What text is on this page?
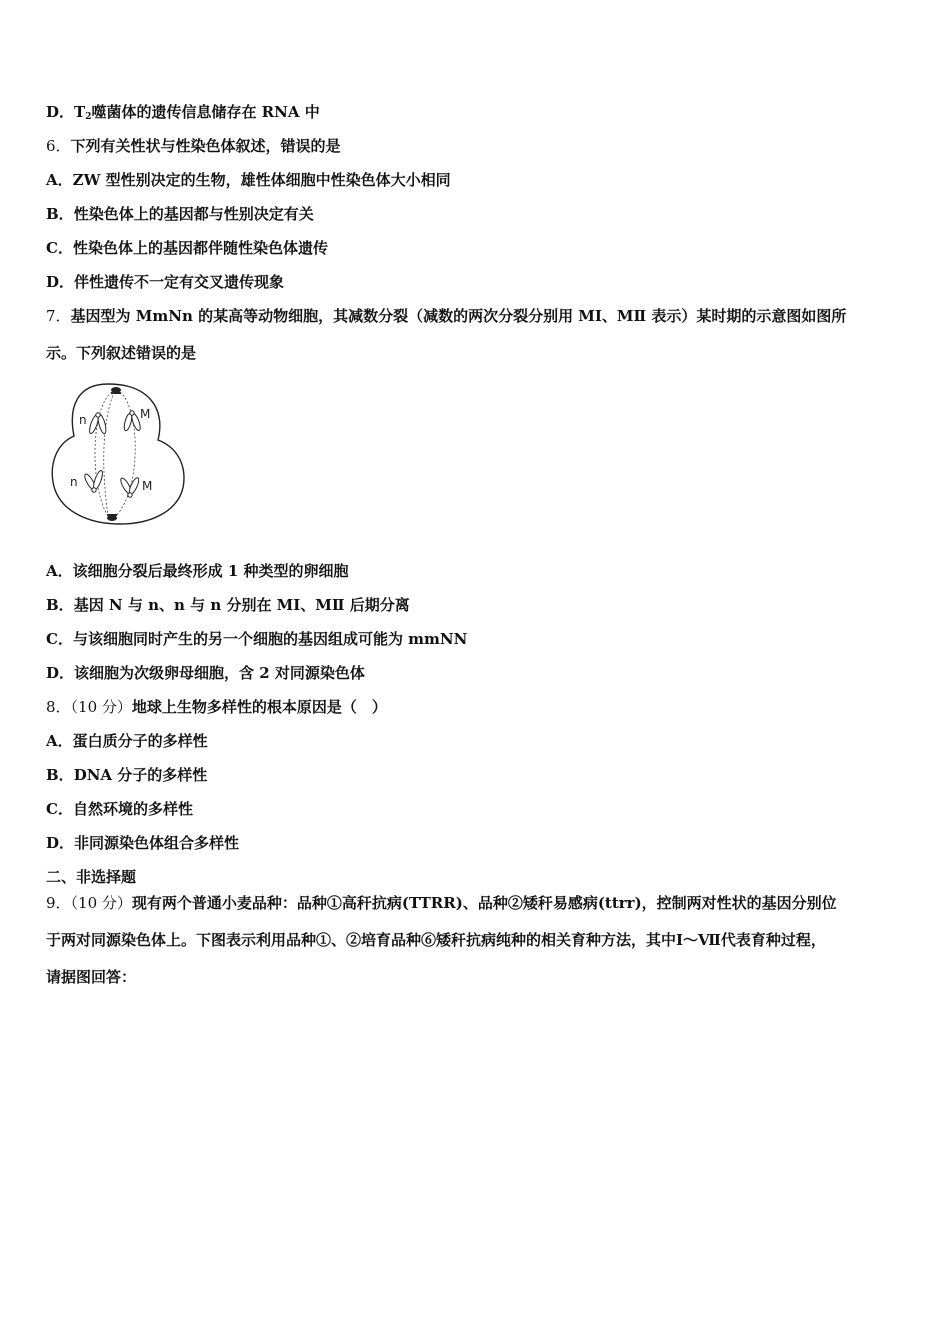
D．$T_2$噬菌体的遗传信息储存在 RNA 中
6．下列有关性状与性染色体叙述，错误的是
A．ZW 型性别决定的生物，雄性体细胞中性染色体大小相同
B．性染色体上的基因都与性别决定有关
C．性染色体上的基因都伴随性染色体遗传
D．伴性遗传不一定有交叉遗传现象
7．基因型为 MmNn 的某高等动物细胞，其减数分裂（减数的两次分裂分别用 MⅠ、MⅡ 表示）某时期的示意图如图所
示。下列叙述错误的是
n	M
n	M
A．该细胞分裂后最终形成 1 种类型的卵细胞
B．基因 N 与 n、n 与 n 分别在 MⅠ、MⅡ 后期分离
C．与该细胞同时产生的另一个细胞的基因组成可能为 mmNN
D．该细胞为次级卵母细胞，含 2 对同源染色体
8．（10 分）地球上生物多样性的根本原因是（　）
A．蛋白质分子的多样性
B．DNA 分子的多样性
C．自然环境的多样性
D．非同源染色体组合多样性
二、非选择题
9．（10 分）现有两个普通小麦品种：品种①高秆抗病(TTRR)、品种②矮秆易感病(ttrr)，控制两对性状的基因分别位
于两对同源染色体上。下图表示利用品种①、②培育品种⑥矮秆抗病纯种的相关育种方法，其中Ⅰ～Ⅶ代表育种过程，
请据图回答：
